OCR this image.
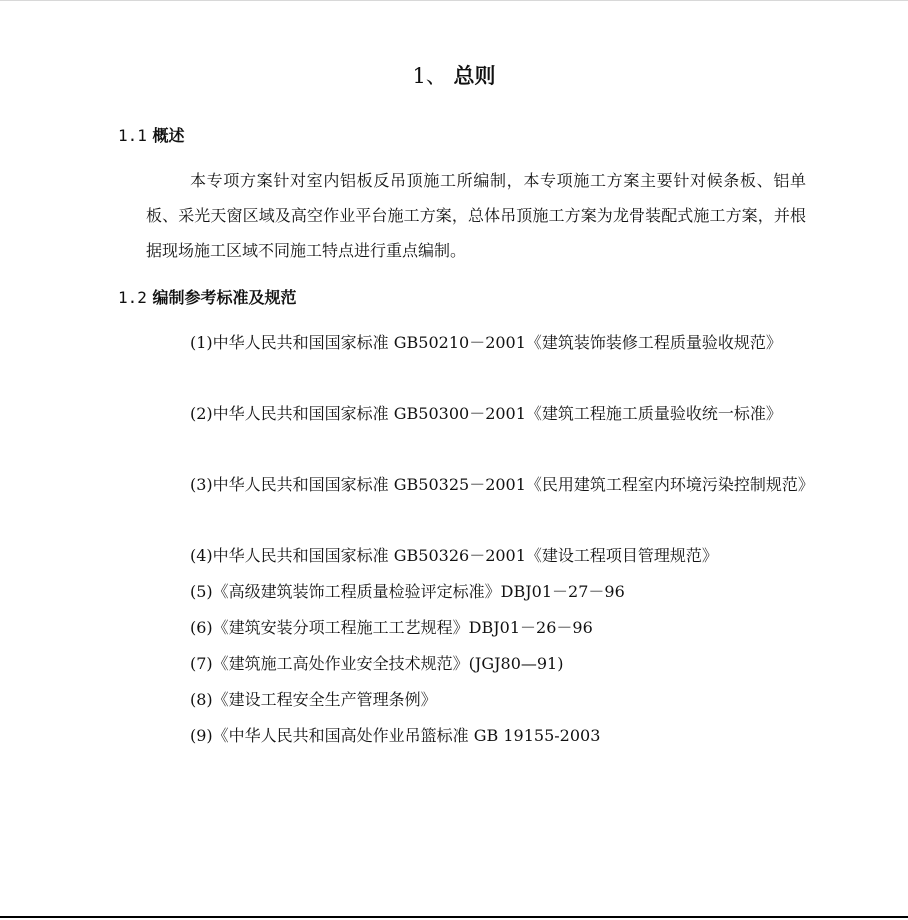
1、 总则
1.1 概述

本专项方案针对室内铝板反吊顶施工所编制，本专项施工方案主要针对候条板、铝单板、采光天窗区域及高空作业平台施工方案，总体吊顶施工方案为龙骨装配式施工方案，并根据现场施工区域不同施工特点进行重点编制。

1.2 编制参考标准及规范

(1)中华人民共和国国家标准 GB50210－2001《建筑装饰装修工程质量验收规范》

(2)中华人民共和国国家标准 GB50300－2001《建筑工程施工质量验收统一标准》

(3)中华人民共和国国家标准 GB50325－2001《民用建筑工程室内环境污染控制规范》

(4)中华人民共和国国家标准 GB50326－2001《建设工程项目管理规范》

(5)《高级建筑装饰工程质量检验评定标准》DBJ01－27－96

(6)《建筑安装分项工程施工工艺规程》DBJ01－26－96

(7)《建筑施工高处作业安全技术规范》(JGJ80—91)

(8)《建设工程安全生产管理条例》

(9)《中华人民共和国高处作业吊篮标准 GB 19155-2003
